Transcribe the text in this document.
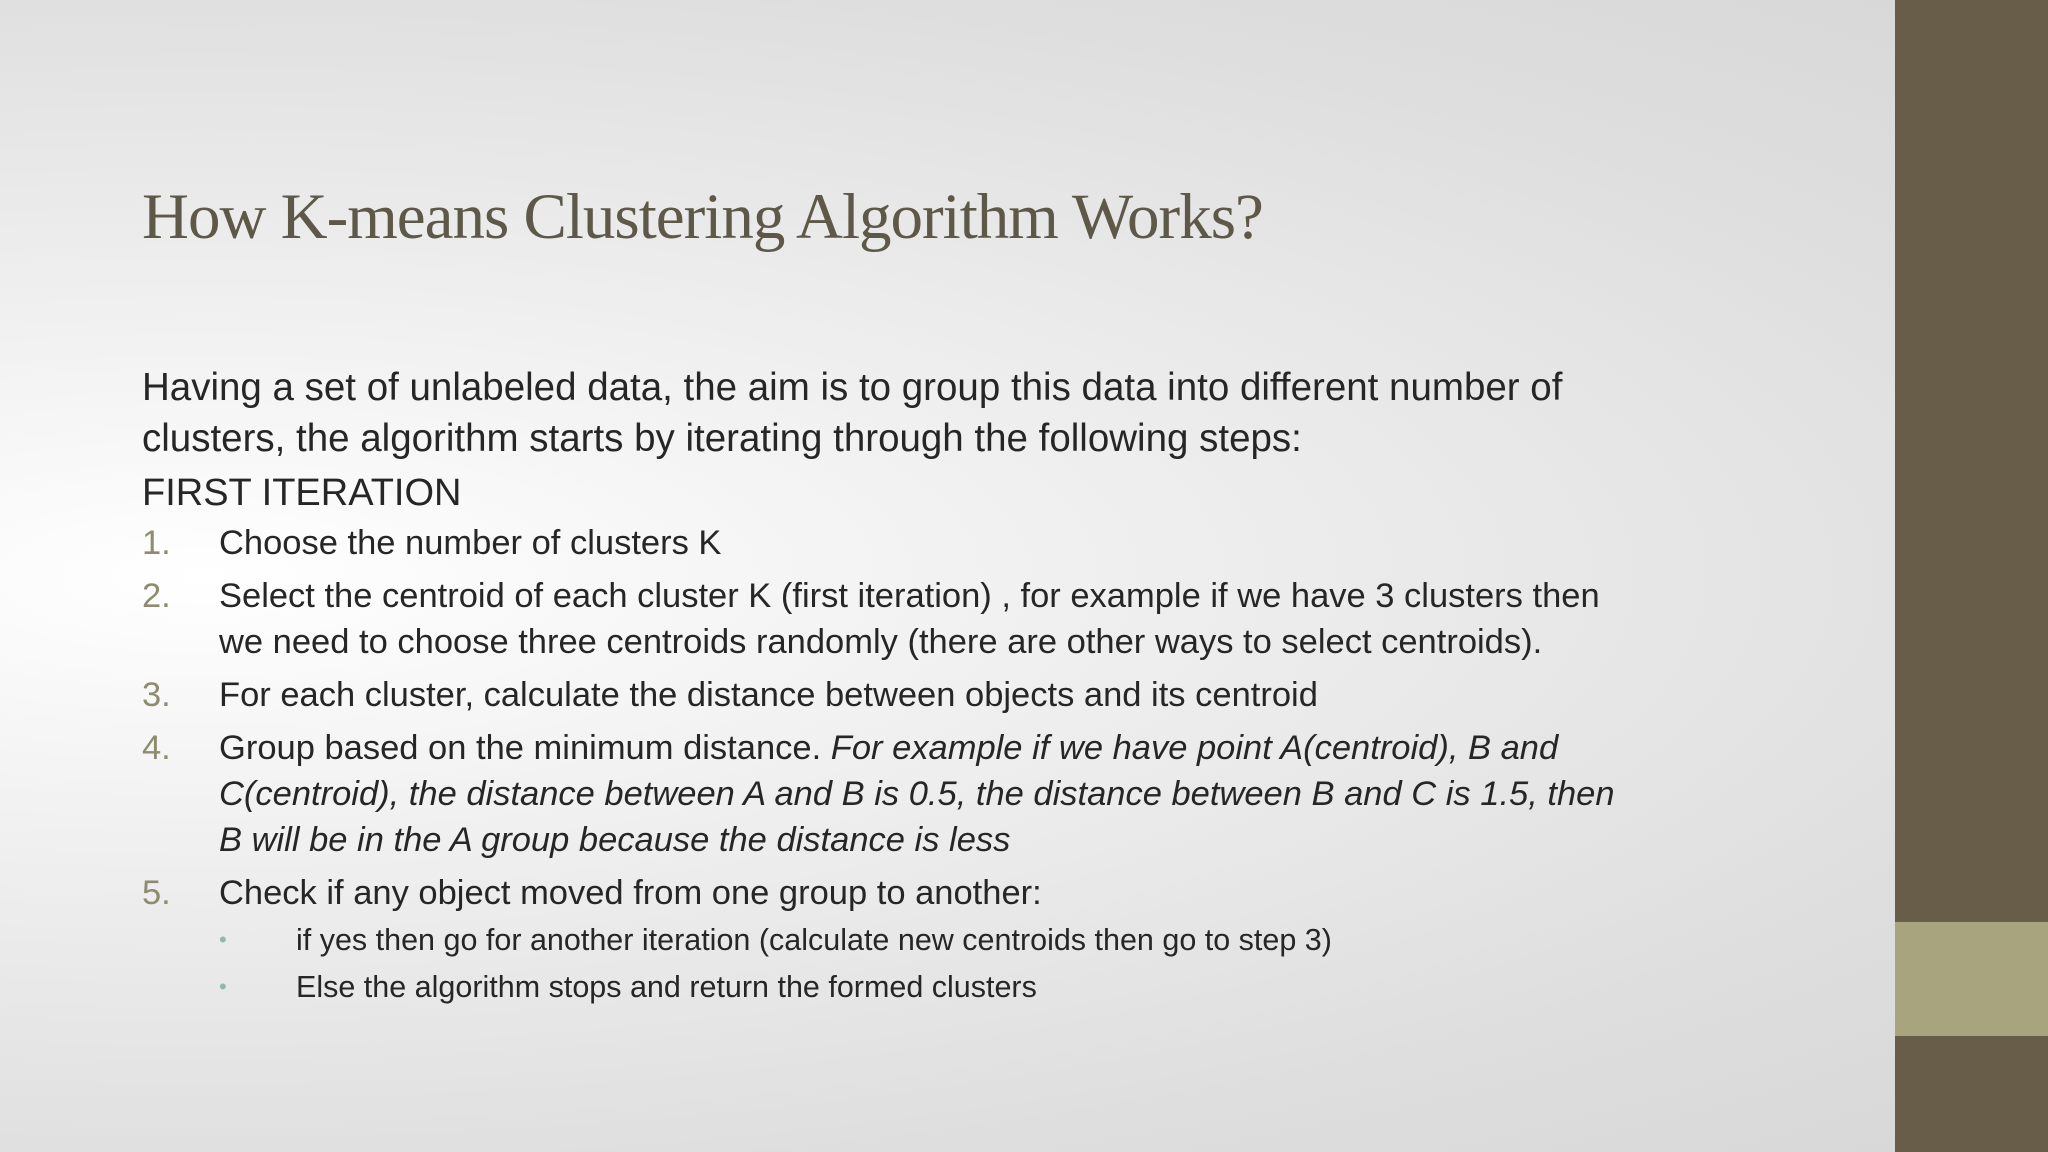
How K-means Clustering Algorithm Works?

Having a set of unlabeled data, the aim is to group this data into different number of clusters, the algorithm starts by iterating through the following steps:

FIRST ITERATION

1. Choose the number of clusters K
2. Select the centroid of each cluster K (first iteration) , for example if we have 3 clusters then we need to choose three centroids randomly (there are other ways to select centroids).
3. For each cluster, calculate the distance between objects and its centroid
4. Group based on the minimum distance. For example if we have point A(centroid), B and C(centroid), the distance between A and B is 0.5, the distance between B and C is 1.5, then B will be in the A group because the distance is less
5. Check if any object moved from one group to another:
• if yes then go for another iteration (calculate new centroids then go to step 3)
• Else the algorithm stops and return the formed clusters
